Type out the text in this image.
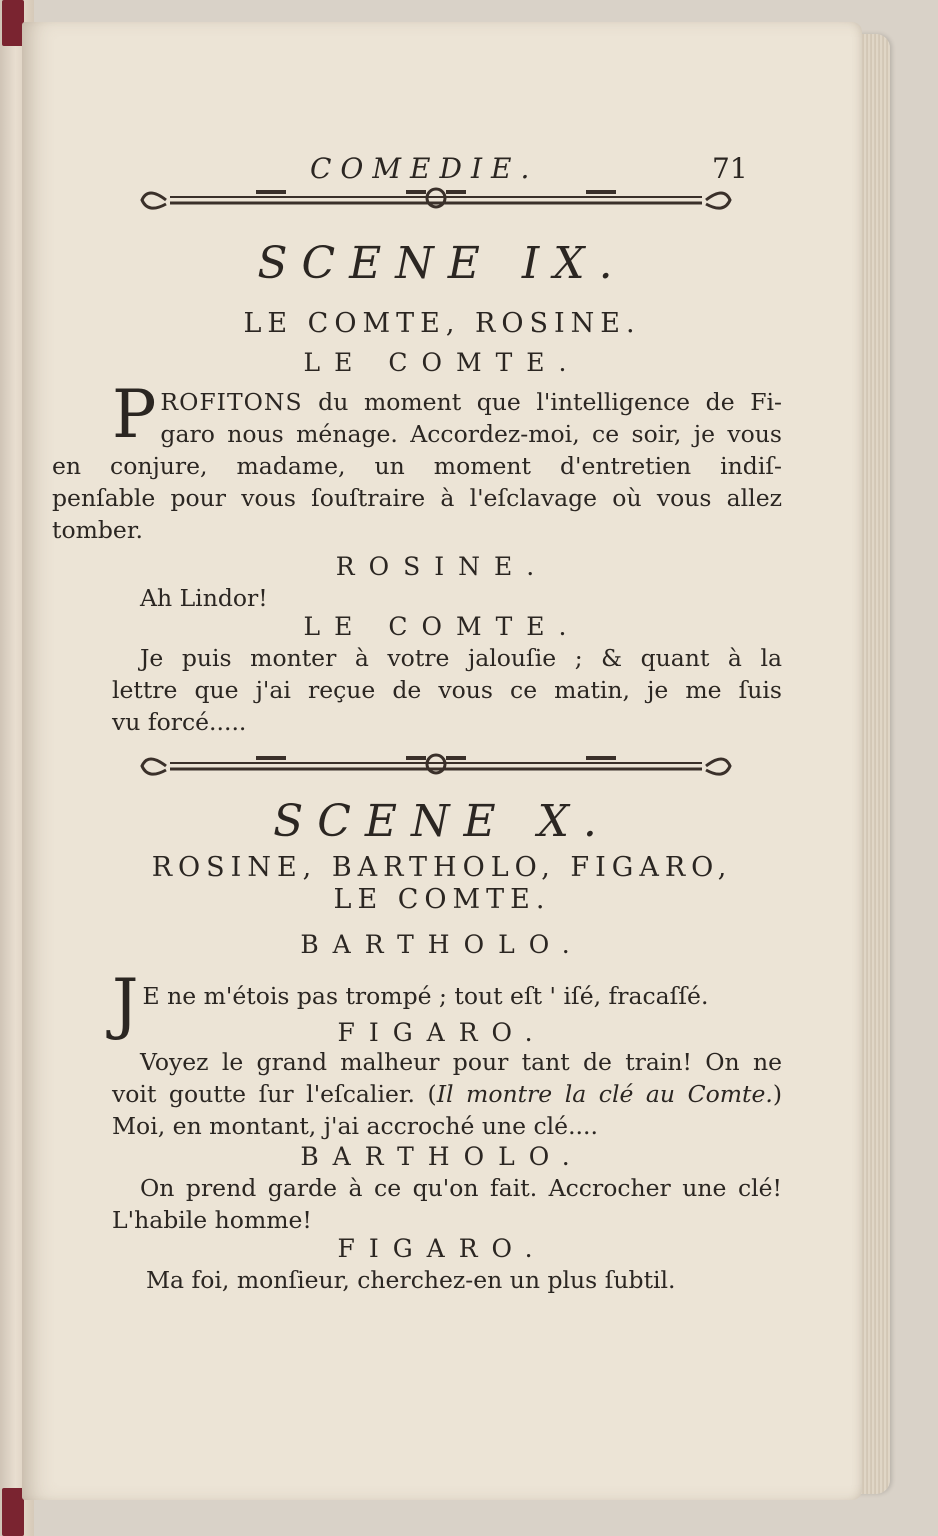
COMEDIE.	71
SCENE IX.
LE COMTE, ROSINE.
LE COMTE.
P ROFITONS du moment que l'intelligence de Fi-
garo nous ménage. Accordez-moi, ce soir, je vous
en conjure, madame, un moment d'entretien indiſ-
penſable pour vous ſouſtraire à l'eſclavage où vous allez
tomber.
ROSINE.
Ah Lindor!
LE COMTE.
Je puis monter à votre jalouſie ; & quant à la
lettre que j'ai reçue de vous ce matin, je me ſuis
vu forcé.....
SCENE X.
ROSINE, BARTHOLO, FIGARO,
LE COMTE.
BARTHOLO.
J E ne m'étois pas trompé ; tout eſt ' iſé, fracaſſé.
FIGARO.
Voyez le grand malheur pour tant de train! On ne
voit goutte ſur l'eſcalier. (Il montre la clé au Comte.)
Moi, en montant, j'ai accroché une clé....
BARTHOLO.
On prend garde à ce qu'on fait. Accrocher une clé!
L'habile homme!
FIGARO.
Ma foi, monſieur, cherchez-en un plus ſubtil.
